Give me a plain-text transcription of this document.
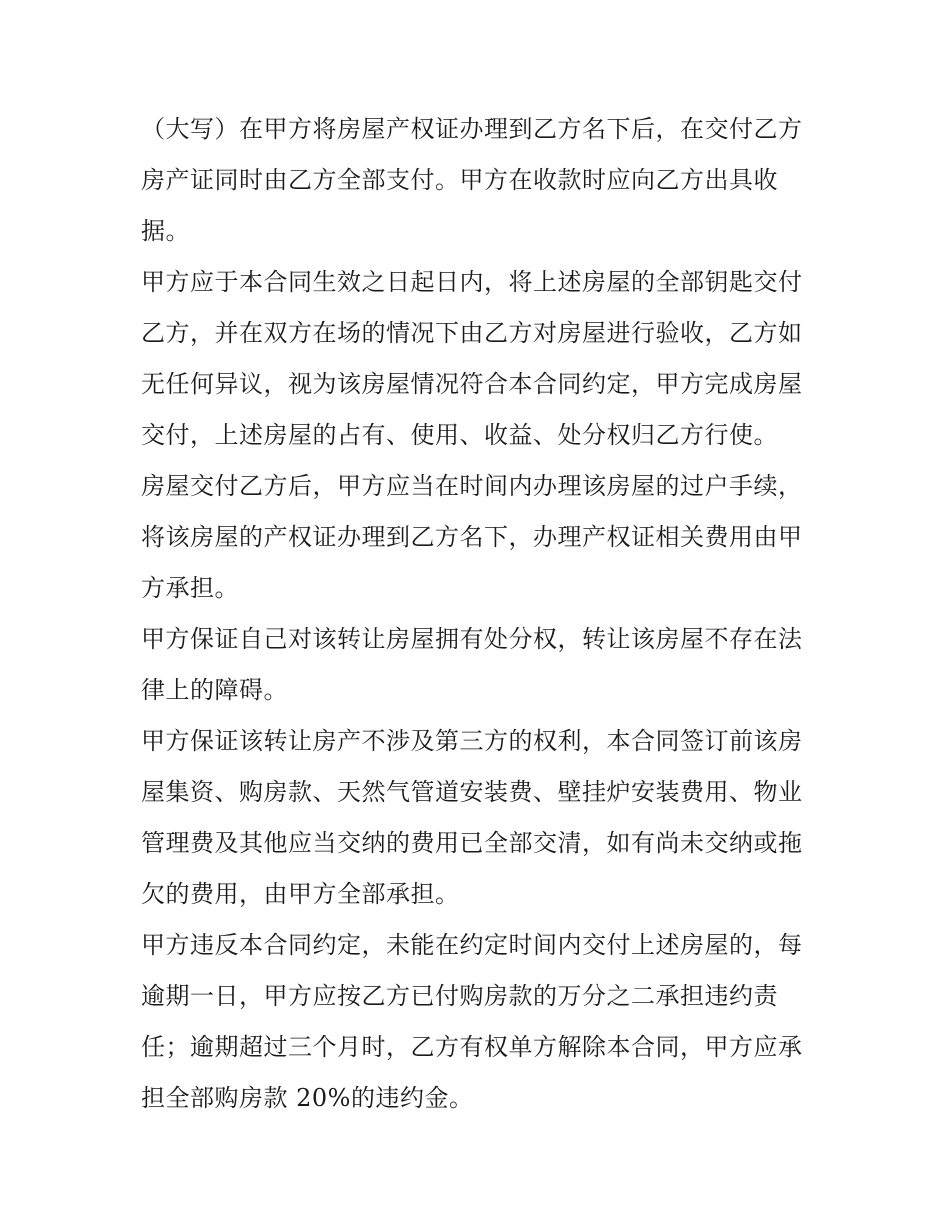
（大写）在甲方将房屋产权证办理到乙方名下后，在交付乙方
房产证同时由乙方全部支付。甲方在收款时应向乙方出具收
据。
甲方应于本合同生效之日起日内，将上述房屋的全部钥匙交付
乙方，并在双方在场的情况下由乙方对房屋进行验收，乙方如
无任何异议，视为该房屋情况符合本合同约定，甲方完成房屋
交付，上述房屋的占有、使用、收益、处分权归乙方行使。
房屋交付乙方后，甲方应当在时间内办理该房屋的过户手续，
将该房屋的产权证办理到乙方名下，办理产权证相关费用由甲
方承担。
甲方保证自己对该转让房屋拥有处分权，转让该房屋不存在法
律上的障碍。
甲方保证该转让房产不涉及第三方的权利，本合同签订前该房
屋集资、购房款、天然气管道安装费、壁挂炉安装费用、物业
管理费及其他应当交纳的费用已全部交清，如有尚未交纳或拖
欠的费用，由甲方全部承担。
甲方违反本合同约定，未能在约定时间内交付上述房屋的，每
逾期一日，甲方应按乙方已付购房款的万分之二承担违约责
任；逾期超过三个月时，乙方有权单方解除本合同，甲方应承
担全部购房款 20%的违约金。
